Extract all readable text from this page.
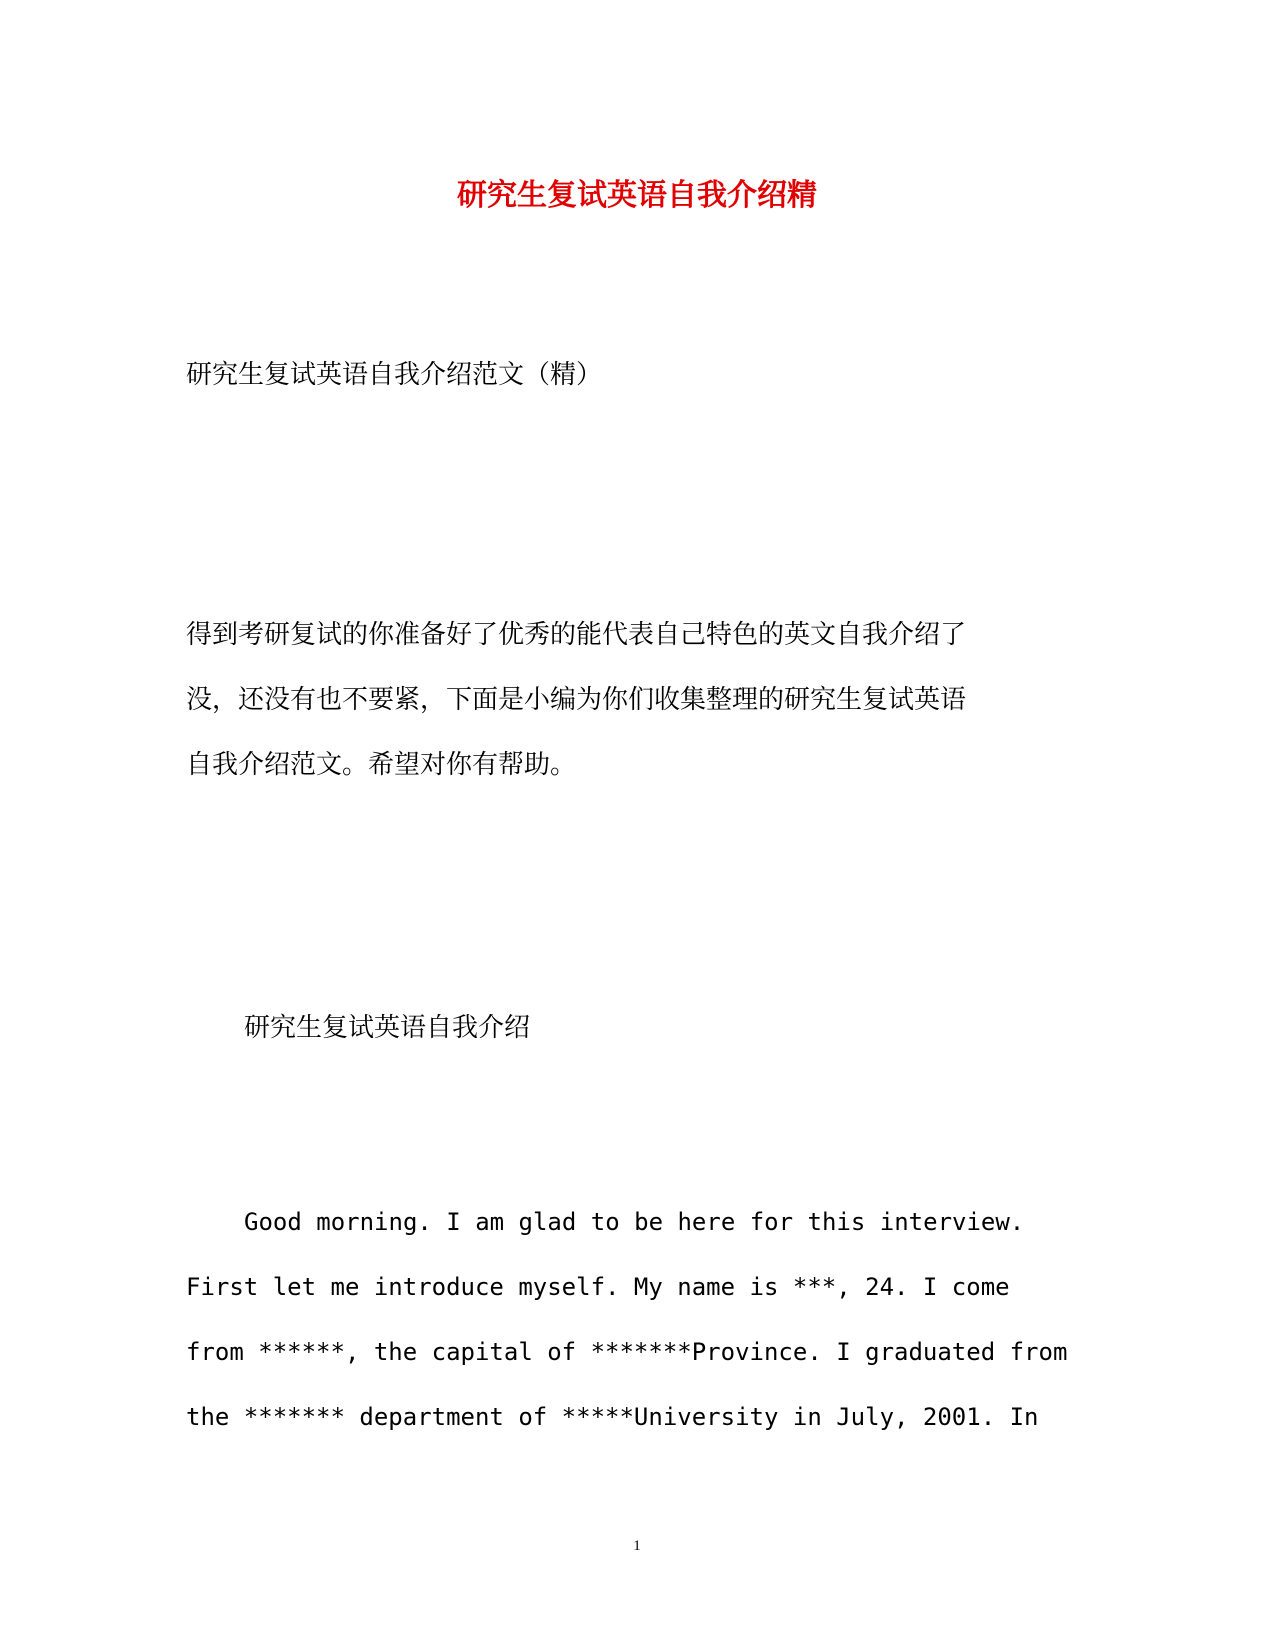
研究生复试英语自我介绍精
研究生复试英语自我介绍范文（精）
得到考研复试的你准备好了优秀的能代表自己特色的英文自我介绍了
没，还没有也不要紧，下面是小编为你们收集整理的研究生复试英语
自我介绍范文。希望对你有帮助。
研究生复试英语自我介绍
Good morning. I am glad to be here for this interview.
First let me introduce myself. My name is ***, 24. I come
from ******, the capital of *******Province. I graduated from
the ******* department of *****University in July, 2001. In
1
